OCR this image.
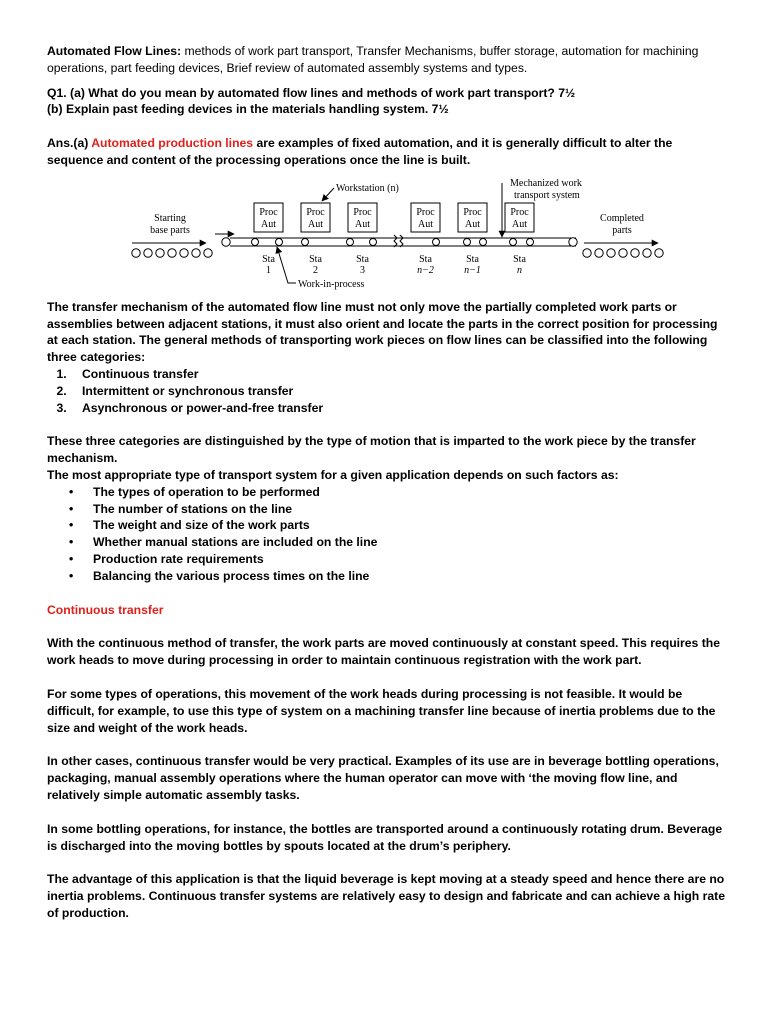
Automated Flow Lines: methods of work part transport, Transfer Mechanisms, buffer storage, automation for machining operations, part feeding devices, Brief review of automated assembly systems and types.

Q1. (a) What do you mean by automated flow lines and methods of work part transport? 7½

(b) Explain past feeding devices in the materials handling system. 7½

Ans.(a) Automated production lines are examples of fixed automation, and it is generally difficult to alter the sequence and content of the processing operations once the line is built.

Starting
base parts
Proc
Aut
Sta
1
Proc
Aut
Sta
2
Proc
Aut
Sta
3
Proc
Aut
Sta
n−2
Proc
Aut
Sta
n−1
Proc
Aut
Sta
n
Workstation (n)	Mechanized work
transport system
Work-in-process
Completed
parts

The transfer mechanism of the automated flow line must not only move the partially completed work parts or assemblies between adjacent stations, it must also orient and locate the parts in the correct position for processing at each station. The general methods of transporting work pieces on flow lines can be classified into the following three categories:

1. Continuous transfer
2. Intermittent or synchronous transfer
3. Asynchronous or power-and-free transfer

These three categories are distinguished by the type of motion that is imparted to the work piece by the transfer mechanism.

The most appropriate type of transport system for a given application depends on such factors as:

• The types of operation to be performed
• The number of stations on the line
• The weight and size of the work parts
• Whether manual stations are included on the line
• Production rate requirements
• Balancing the various process times on the line

Continuous transfer

With the continuous method of transfer, the work parts are moved continuously at constant speed. This requires the work heads to move during processing in order to maintain continuous registration with the work part.

For some types of operations, this movement of the work heads during processing is not feasible. It would be difficult, for example, to use this type of system on a machining transfer line because of inertia problems due to the size and weight of the work heads.

In other cases, continuous transfer would be very practical. Examples of its use are in beverage bottling operations, packaging, manual assembly operations where the human operator can move with ‘the moving flow line, and relatively simple automatic assembly tasks.

In some bottling operations, for instance, the bottles are transported around a continuously rotating drum. Beverage is discharged into the moving bottles by spouts located at the drum’s periphery.

The advantage of this application is that the liquid beverage is kept moving at a steady speed and hence there are no inertia problems. Continuous transfer systems are relatively easy to design and fabricate and can achieve a high rate of production.
